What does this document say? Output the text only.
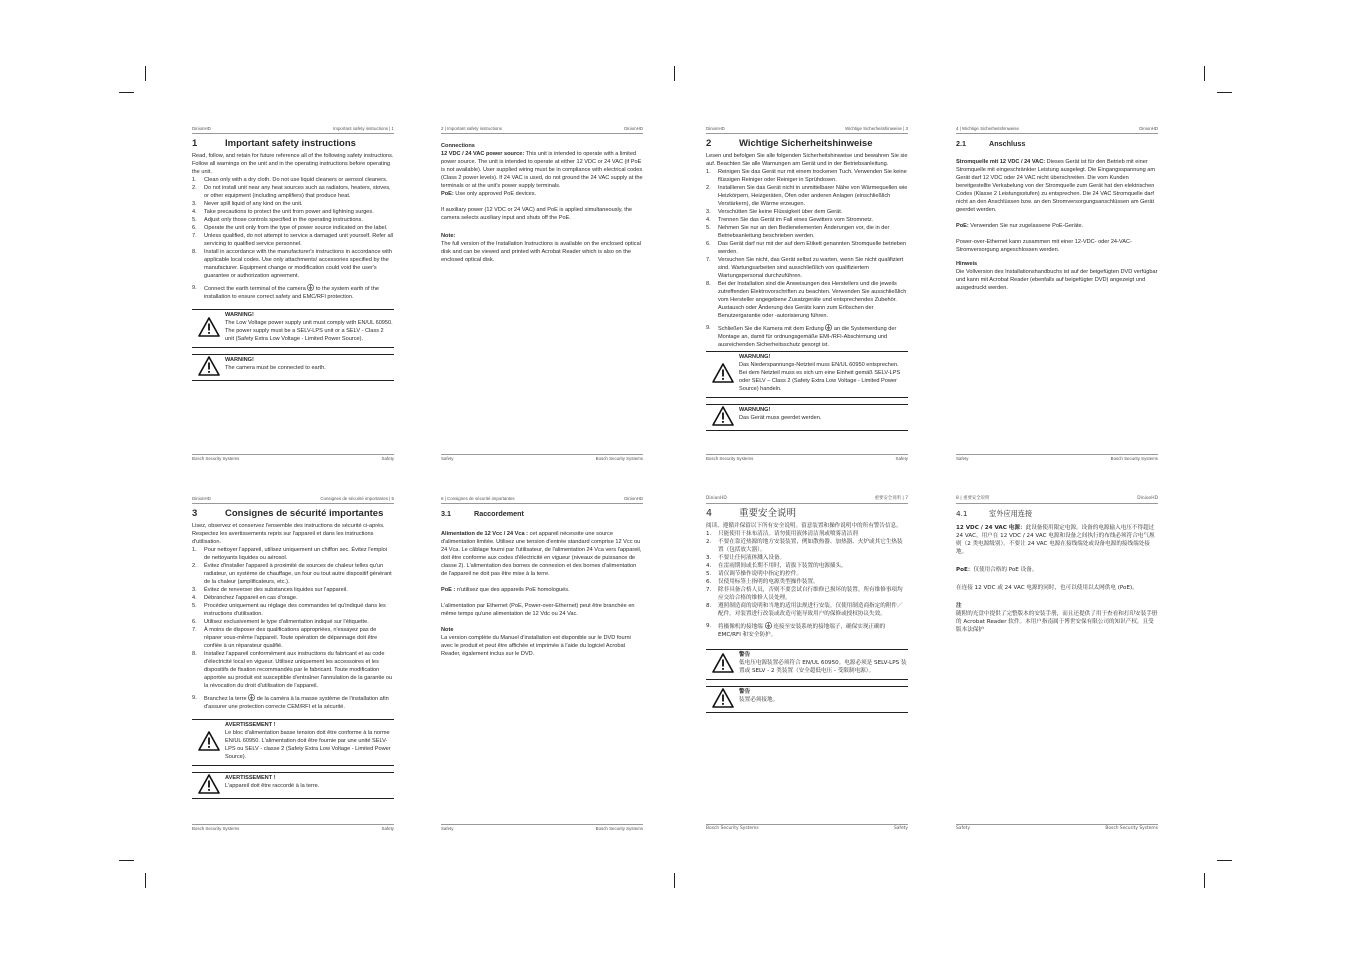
DinionHD	Important safety instructions | 1
1	Important safety instructions
Read, follow, and retain for future reference all of the following safety instructions. Follow all warnings on the unit and in the operating instructions before operating the unit.
1.	Clean only with a dry cloth. Do not use liquid cleaners or aerosol cleaners.
2.	Do not install unit near any heat sources such as radiators, heaters, stoves, or other equipment (including amplifiers) that produce heat.
3.	Never spill liquid of any kind on the unit.
4.	Take precautions to protect the unit from power and lightning surges.
5.	Adjust only those controls specified in the operating instructions.
6.	Operate the unit only from the type of power source indicated on the label.
7.	Unless qualified, do not attempt to service a damaged unit yourself. Refer all servicing to qualified service personnel.
8.	Install in accordance with the manufacturer's instructions in accordance with applicable local codes. Use only attachments/ accessories specified by the manufacturer. Equipment change or modification could void the user's guarantee or authorization agreement.
9.	Connect the earth terminal of the camera to the system earth of the installation to ensure correct safety and EMC/RFI protection.
WARNING!
The Low Voltage power supply unit must comply with EN/UL 60950. The power supply must be a SELV-LPS unit or a SELV - Class 2 unit (Safety Extra Low Voltage - Limited Power Source).
WARNING!
The camera must be connected to earth.
Bosch Security Systems	Safety
2 | Important safety instructions	DinionHD
Connections
12 VDC / 24 VAC power source: This unit is intended to operate with a limited power source. The unit is intended to operate at either 12 VDC or 24 VAC (if PoE is not available). User supplied wiring must be in compliance with electrical codes (Class 2 power levels). If 24 VAC is used, do not ground the 24 VAC supply at the terminals or at the unit's power supply terminals.
PoE: Use only approved PoE devices.
If auxiliary power (12 VDC or 24 VAC) and PoE is applied simultaneously, the camera selects auxiliary input and shuts off the PoE.
Note:
The full version of the Installation Instructions is available on the enclosed optical disk and can be viewed and printed with Acrobat Reader which is also on the enclosed optical disk.
Safety	Bosch Security Systems
DinionHD	Wichtige Sicherheitshinweise | 3
2	Wichtige Sicherheitshinweise
Lesen und befolgen Sie alle folgenden Sicherheitshinweise und bewahren Sie sie auf. Beachten Sie alle Warnungen am Gerät und in der Betriebsanleitung.
1.	Reinigen Sie das Gerät nur mit einem trockenen Tuch. Verwenden Sie keine flüssigen Reiniger oder Reiniger in Sprühdosen.
2.	Installieren Sie das Gerät nicht in unmittelbarer Nähe von Wärmequellen wie Heizkörpern, Heizgeräten, Öfen oder anderen Anlagen (einschließlich Verstärkern), die Wärme erzeugen.
3.	Verschütten Sie keine Flüssigkeit über dem Gerät.
4.	Trennen Sie das Gerät im Fall eines Gewitters vom Stromnetz.
5.	Nehmen Sie nur an den Bedienelementen Änderungen vor, die in der Betriebsanleitung beschrieben werden.
6.	Das Gerät darf nur mit der auf dem Etikett genannten Stromquelle betrieben werden.
7.	Versuchen Sie nicht, das Gerät selbst zu warten, wenn Sie nicht qualifiziert sind. Wartungsarbeiten sind ausschließlich von qualifiziertem Wartungspersonal durchzuführen.
8.	Bei der Installation sind die Anweisungen des Herstellers und die jeweils zutreffenden Elektrovorschriften zu beachten. Verwenden Sie ausschließlich vom Hersteller angegebene Zusatzgeräte und entsprechendes Zubehör. Austausch oder Änderung des Geräts kann zum Erlöschen der Benutzergarantie oder -autorisierung führen.
9.	Schließen Sie die Kamera mit dem Erdung an die Systemerdung der Montage an, damit für ordnungsgemäße EMI-/RFI-Abschirmung und ausreichenden Sicherheitsschutz gesorgt ist.
WARNUNG!
Das Niederspannungs-Netzteil muss EN/UL 60950 entsprechen. Bei dem Netzteil muss es sich um eine Einheit gemäß SELV-LPS oder SELV – Class 2 (Safety Extra Low Voltage - Limited Power Source) handeln.
WARNUNG!
Das Gerät muss geerdet werden.
Bosch Security Systems	Safety
4 | Wichtige Sicherheitshinweise	DinionHD
2.1	Anschluss
Stromquelle mit 12 VDC / 24 VAC: Dieses Gerät ist für den Betrieb mit einer Stromquelle mit eingeschränkter Leistung ausgelegt. Die Eingangsspannung am Gerät darf 12 VDC oder 24 VAC nicht überschreiten. Die vom Kunden bereitgestellte Verkabelung von der Stromquelle zum Gerät hat den elektrischen Codes (Klasse 2 Leistungsstufen) zu entsprechen. Die 24 VAC Stromquelle darf nicht an den Anschlüssen bzw. an den Stromversorgungsanschlüssen am Gerät geerdet werden.
PoE: Verwenden Sie nur zugelassene PoE-Geräte.
Power-over-Ethernet kann zusammen mit einer 12-VDC- oder 24-VAC-Stromversorgung angeschlossen werden.
Hinweis
Die Vollversion des Installationshandbuchs ist auf der beigefügten DVD verfügbar und kann mit Acrobat Reader (ebenfalls auf beigefügter DVD) angezeigt und ausgedruckt werden.
Safety	Bosch Security Systems
DinionHD	Consignes de sécurité importantes | 5
3	Consignes de sécurité importantes
Lisez, observez et conservez l'ensemble des instructions de sécurité ci-après. Respectez les avertissements repris sur l'appareil et dans les instructions d'utilisation.
1.	Pour nettoyer l'appareil, utilisez uniquement un chiffon sec. Évitez l'emploi de nettoyants liquides ou aérosol.
2.	Évitez d'installer l'appareil à proximité de sources de chaleur telles qu'un radiateur, un système de chauffage, un four ou tout autre dispositif générant de la chaleur (amplificateurs, etc.).
3.	Évitez de renverser des substances liquides sur l'appareil.
4.	Débranchez l'appareil en cas d'orage.
5.	Procédez uniquement au réglage des commandes tel qu'indiqué dans les instructions d'utilisation.
6.	Utilisez exclusivement le type d'alimentation indiqué sur l'étiquette.
7.	À moins de disposer des qualifications appropriées, n'essayez pas de réparer vous-même l'appareil. Toute opération de dépannage doit être confiée à un réparateur qualifié.
8.	Installez l'appareil conformément aux instructions du fabricant et au code d'électricité local en vigueur. Utilisez uniquement les accessoires et les dispositifs de fixation recommandés par le fabricant. Toute modification apportée au produit est susceptible d'entraîner l'annulation de la garantie ou la révocation du droit d'utilisation de l'appareil.
9.	Branchez la terre de la caméra à la masse système de l'installation afin d'assurer une protection correcte CEM/RFI et la sécurité.
AVERTISSEMENT !
Le bloc d'alimentation basse tension doit être conforme à la norme EN/UL 60950. L'alimentation doit être fournie par une unité SELV-LPS ou SELV - classe 2 (Safety Extra Low Voltage - Limited Power Source).
AVERTISSEMENT !
L'appareil doit être raccordé à la terre.
Bosch Security Systems	Safety
6 | Consignes de sécurité importantes	DinionHD
3.1	Raccordement
Alimentation de 12 Vcc / 24 Vca : cet appareil nécessite une source d'alimentation limitée. Utilisez une tension d'entrée standard comprise 12 Vcc ou 24 Vca. Le câblage fourni par l'utilisateur, de l'alimentation 24 Vca vers l'appareil, doit être conforme aux codes d'électricité en vigueur (niveaux de puissance de classe 2). L'alimentation des bornes de connexion et des bornes d'alimentation de l'appareil ne doit pas être mise à la terre.
PoE : n'utilisez que des appareils PoE homologués.
L'alimentation par Ethernet (PoE, Power-over-Ethernet) peut être branchée en même temps qu'une alimentation de 12 Vdc ou 24 Vac.
Note
La version complète du Manuel d'installation est disponible sur le DVD fourni avec le produit et peut être affichée et imprimée à l'aide du logiciel Acrobat Reader, également inclus sur le DVD.
Safety	Bosch Security Systems
DinionHD	重要安全说明 | 7
4	重要安全说明
阅读、遵循并保留以下所有安全说明。留意装置和操作说明中的所有警告信息。
1.	只能使用干抹布清洁。请勿使用液体清洁剂或喷雾清洁剂
2.	不要在靠近热源的地方安装装置，例如散热器、加热器、火炉或其它生热装置（包括放大器）。
3.	不要让任何液体溅入设备。
4.	在雷雨期间或长期不用时，请拔下装置的电源插头。
5.	请仅调节操作说明中指定的控件。
6.	仅使用标签上指明的电源类型操作装置。
7.	除非具备合格人员，否则不要尝试自行维修已损坏的装置。所有维修事项均应交给合格的维修人员处理。
8.	遵照制造商的说明和当地的适用法规进行安装。仅使用制造商指定的附件／配件。对装置进行改装或改造可能导致用户的保修或授权协议失效。
9.	将摄像机的接地端 连接至安装系统的接地端子，确保实现正确的 EMC/RFI 和安全防护。
警告
低电压电源装置必须符合 EN/UL 60950。电源必须是 SELV-LPS 装置或 SELV - 2 类装置（安全超低电压 - 受限制电源）。
警告
装置必须接地。
Bosch Security Systems	Safety
8 | 重要安全说明	DinionHD
4.1	室外应用连接
12 VDC / 24 VAC 电源：此设备使用限定电源。设备的电源输入电压不得超过 24 VAC。用户在 12 VDC / 24 VAC 电源和设备之间执行的布线必须符合电气规则（2 类电源级别）。不要让 24 VAC 电源在接线端处或设备电源的接线端处接地。
PoE：仅使用合格的 PoE 设备。
在连接 12 VDC 或 24 VAC 电源的同时，也可以使用以太网供电 (PoE)。
注
随附的光盘中提供了完整版本的安装手册，而且还提供了用于查看和打印安装手册的 Acrobat Reader 软件。本用户指南属于博世安保有限公司的知识产权，且受版本法保护
Safety	Bosch Security Systems
